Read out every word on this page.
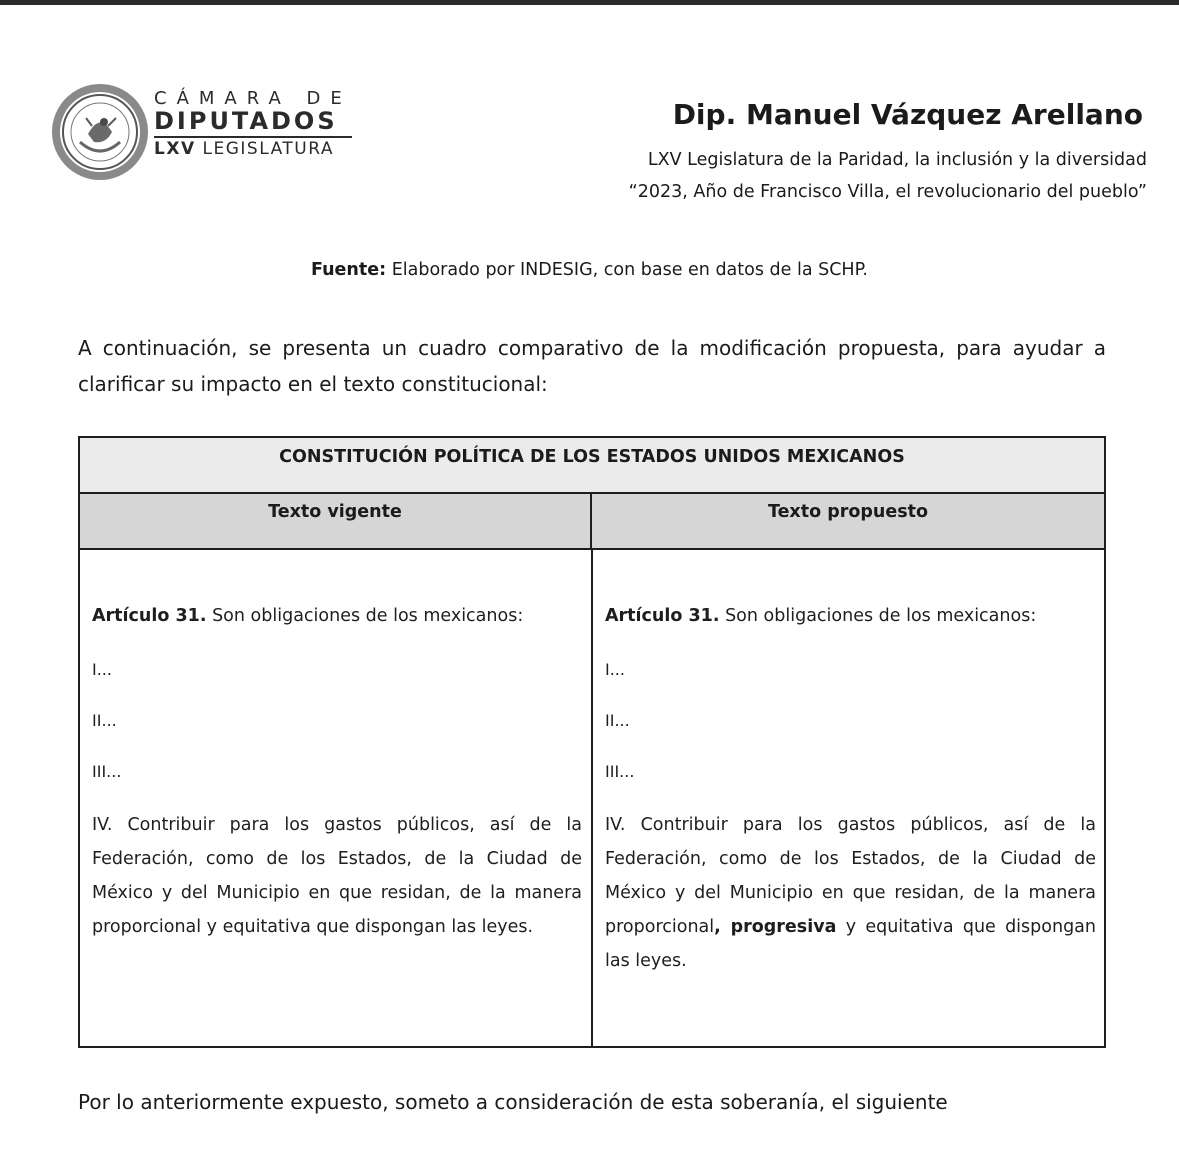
CÁMARA DE
DIPUTADOS
LXV LEGISLATURA
Dip. Manuel Vázquez Arellano
LXV Legislatura de la Paridad, la inclusión y la diversidad
“2023, Año de Francisco Villa, el revolucionario del pueblo”
Fuente: Elaborado por INDESIG, con base en datos de la SCHP.
A continuación, se presenta un cuadro comparativo de la modificación propuesta, para ayudar a clarificar su impacto en el texto constitucional:
CONSTITUCIÓN POLÍTICA DE LOS ESTADOS UNIDOS MEXICANOS
Texto vigente	Texto propuesto
Artículo 31. Son obligaciones de los mexicanos:
I...
II...
III...
IV. Contribuir para los gastos públicos, así de la Federación, como de los Estados, de la Ciudad de México y del Municipio en que residan, de la manera proporcional y equitativa que dispongan las leyes.
Artículo 31. Son obligaciones de los mexicanos:
I...
II...
III...
IV. Contribuir para los gastos públicos, así de la Federación, como de los Estados, de la Ciudad de México y del Municipio en que residan, de la manera proporcional, progresiva y equitativa que dispongan las leyes.
Por lo anteriormente expuesto, someto a consideración de esta soberanía, el siguiente
